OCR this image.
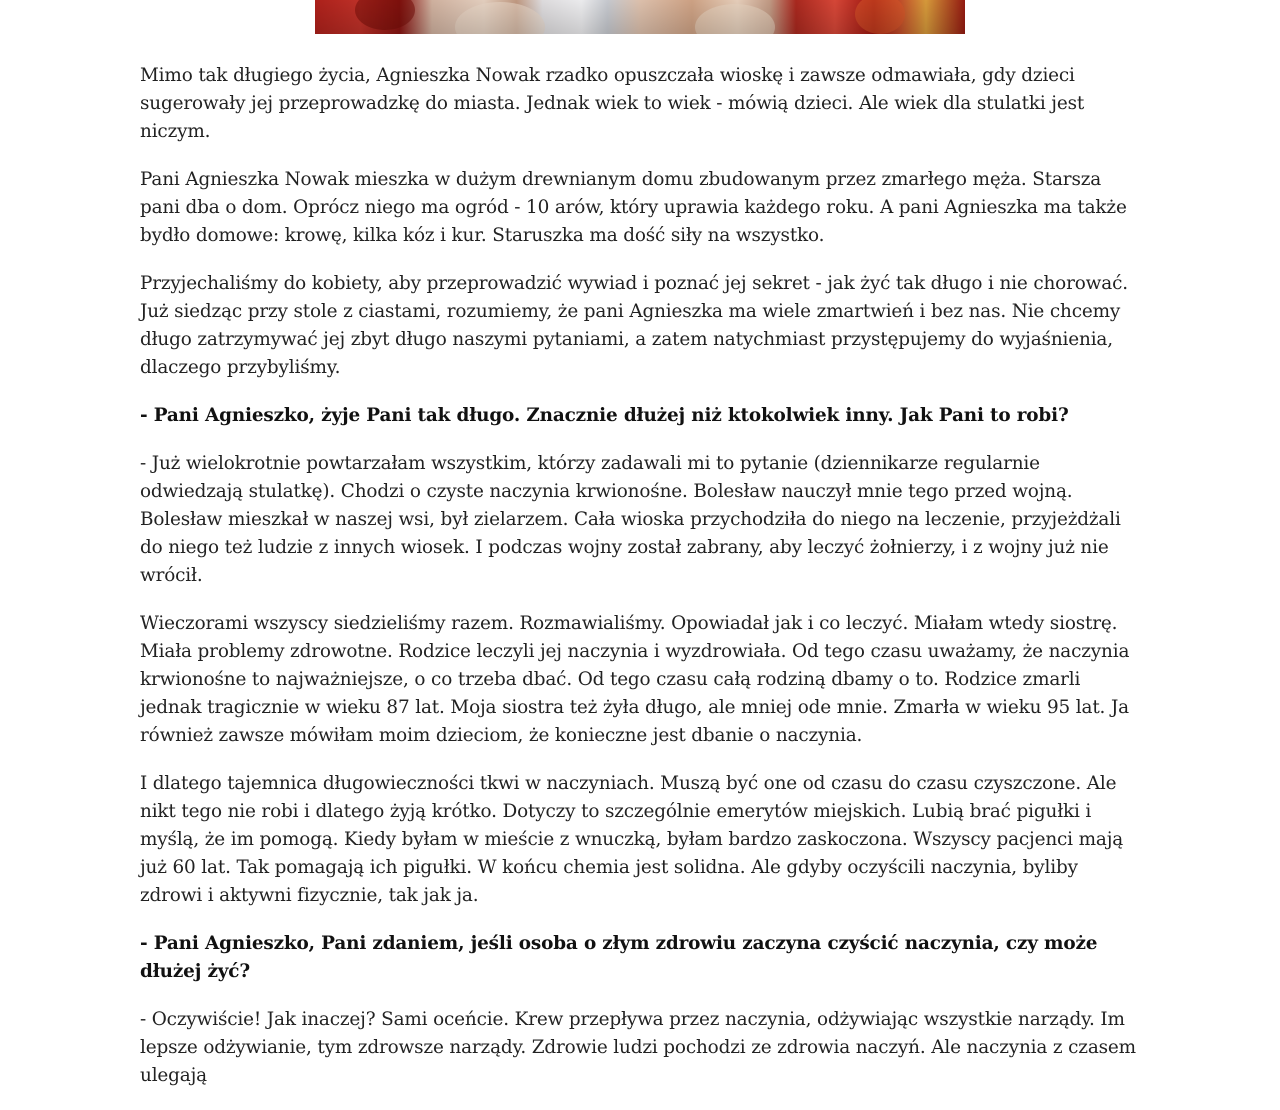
Mimo tak długiego życia, Agnieszka Nowak rzadko opuszczała wioskę i zawsze odmawiała, gdy dzieci sugerowały jej przeprowadzkę do miasta. Jednak wiek to wiek - mówią dzieci. Ale wiek dla stulatki jest niczym.

Pani Agnieszka Nowak mieszka w dużym drewnianym domu zbudowanym przez zmarłego męża. Starsza pani dba o dom. Oprócz niego ma ogród - 10 arów, który uprawia każdego roku. A pani Agnieszka ma także bydło domowe: krowę, kilka kóz i kur. Staruszka ma dość siły na wszystko.

Przyjechaliśmy do kobiety, aby przeprowadzić wywiad i poznać jej sekret - jak żyć tak długo i nie chorować. Już siedząc przy stole z ciastami, rozumiemy, że pani Agnieszka ma wiele zmartwień i bez nas. Nie chcemy długo zatrzymywać jej zbyt długo naszymi pytaniami, a zatem natychmiast przystępujemy do wyjaśnienia, dlaczego przybyliśmy.

- Pani Agnieszko, żyje Pani tak długo. Znacznie dłużej niż ktokolwiek inny. Jak Pani to robi?

- Już wielokrotnie powtarzałam wszystkim, którzy zadawali mi to pytanie (dziennikarze regularnie odwiedzają stulatkę). Chodzi o czyste naczynia krwionośne. Bolesław nauczył mnie tego przed wojną. Bolesław mieszkał w naszej wsi, był zielarzem. Cała wioska przychodziła do niego na leczenie, przyjeżdżali do niego też ludzie z innych wiosek. I podczas wojny został zabrany, aby leczyć żołnierzy, i z wojny już nie wrócił.

Wieczorami wszyscy siedzieliśmy razem. Rozmawialiśmy. Opowiadał jak i co leczyć. Miałam wtedy siostrę. Miała problemy zdrowotne. Rodzice leczyli jej naczynia i wyzdrowiała. Od tego czasu uważamy, że naczynia krwionośne to najważniejsze, o co trzeba dbać. Od tego czasu całą rodziną dbamy o to. Rodzice zmarli jednak tragicznie w wieku 87 lat. Moja siostra też żyła długo, ale mniej ode mnie. Zmarła w wieku 95 lat. Ja również zawsze mówiłam moim dzieciom, że konieczne jest dbanie o naczynia.

I dlatego tajemnica długowieczności tkwi w naczyniach. Muszą być one od czasu do czasu czyszczone. Ale nikt tego nie robi i dlatego żyją krótko. Dotyczy to szczególnie emerytów miejskich. Lubią brać pigułki i myślą, że im pomogą. Kiedy byłam w mieście z wnuczką, byłam bardzo zaskoczona. Wszyscy pacjenci mają już 60 lat. Tak pomagają ich pigułki. W końcu chemia jest solidna. Ale gdyby oczyścili naczynia, byliby zdrowi i aktywni fizycznie, tak jak ja.

- Pani Agnieszko, Pani zdaniem, jeśli osoba o złym zdrowiu zaczyna czyścić naczynia, czy może dłużej żyć?

- Oczywiście! Jak inaczej? Sami oceńcie. Krew przepływa przez naczynia, odżywiając wszystkie narządy. Im lepsze odżywianie, tym zdrowsze narządy. Zdrowie ludzi pochodzi ze zdrowia naczyń. Ale naczynia z czasem ulegają
